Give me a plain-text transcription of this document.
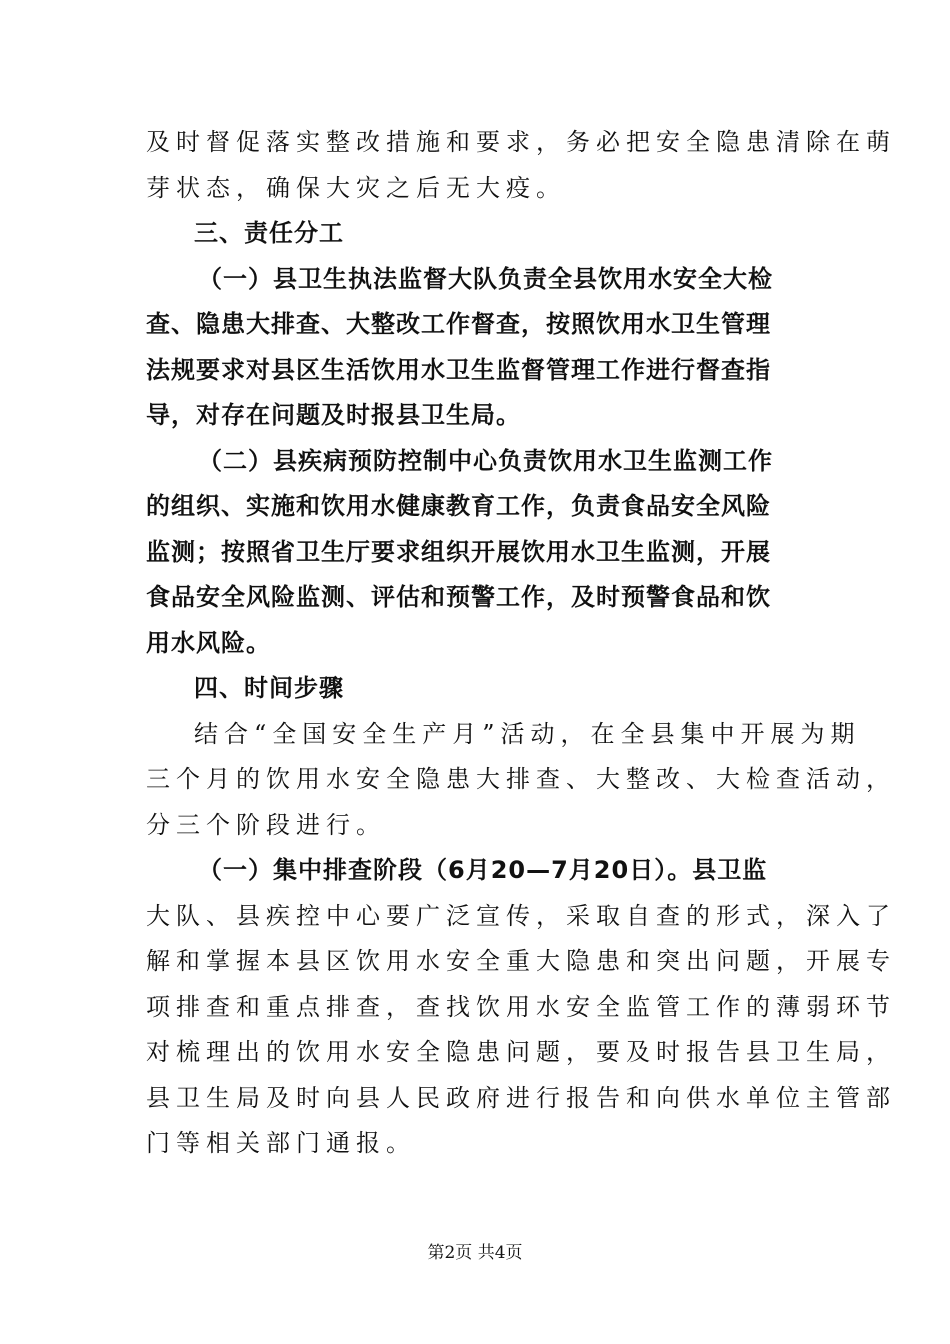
及时督促落实整改措施和要求，务必把安全隐患清除在萌
芽状态，确保大灾之后无大疫。
三、责任分工
（一）县卫生执法监督大队负责全县饮用水安全大检
查、隐患大排查、大整改工作督查，按照饮用水卫生管理
法规要求对县区生活饮用水卫生监督管理工作进行督查指
导，对存在问题及时报县卫生局。
（二）县疾病预防控制中心负责饮用水卫生监测工作
的组织、实施和饮用水健康教育工作，负责食品安全风险
监测；按照省卫生厅要求组织开展饮用水卫生监测，开展
食品安全风险监测、评估和预警工作，及时预警食品和饮
用水风险。
四、时间步骤
结合“全国安全生产月”活动，在全县集中开展为期
三个月的饮用水安全隐患大排查、大整改、大检查活动，
分三个阶段进行。
（一）集中排查阶段（6月20—7月20日）。县卫监
大队、县疾控中心要广泛宣传，采取自查的形式，深入了
解和掌握本县区饮用水安全重大隐患和突出问题，开展专
项排查和重点排查，查找饮用水安全监管工作的薄弱环节
对梳理出的饮用水安全隐患问题，要及时报告县卫生局，
县卫生局及时向县人民政府进行报告和向供水单位主管部
门等相关部门通报。
第2页 共4页
